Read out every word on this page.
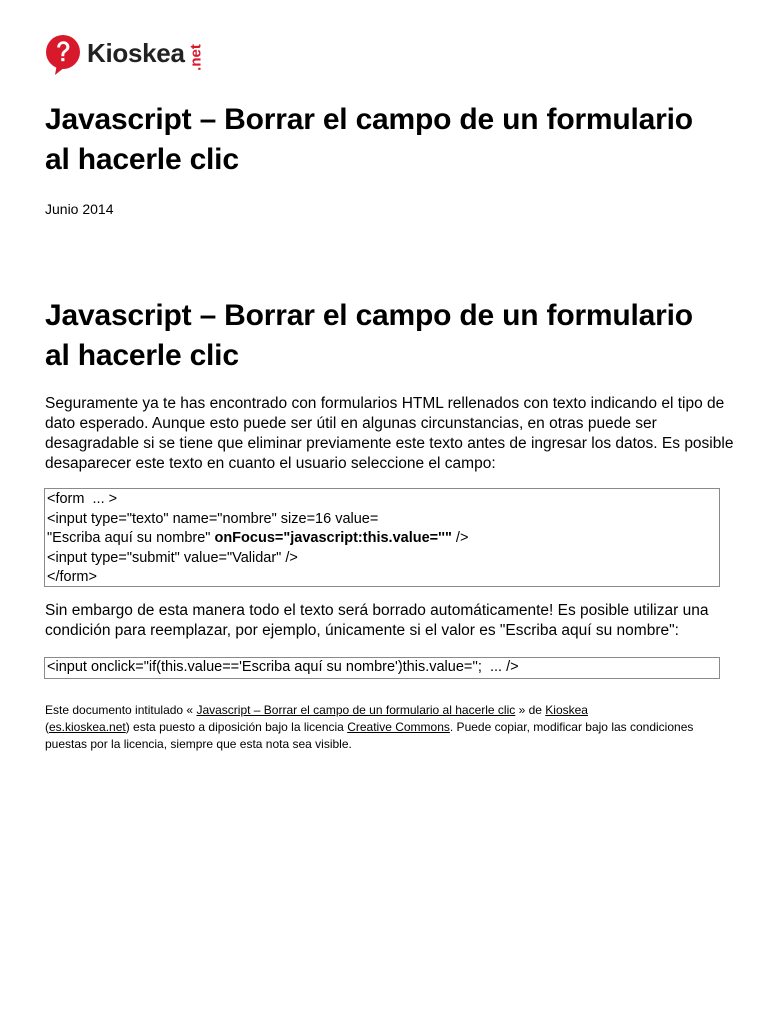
Kioskea .net
Javascript – Borrar el campo de un formulario al hacerle clic
Junio 2014
Javascript – Borrar el campo de un formulario al hacerle clic

Seguramente ya te has encontrado con formularios HTML rellenados con texto indicando el tipo de dato esperado. Aunque esto puede ser útil en algunas circunstancias, en otras puede ser desagradable si se tiene que eliminar previamente este texto antes de ingresar los datos. Es posible desaparecer este texto en cuanto el usuario seleccione el campo:

<form  ... >
<input type="texto" name="nombre" size=16 value=
"Escriba aquí su nombre" onFocus="javascript:this.value=''" />
<input type="submit" value="Validar" />
</form>

Sin embargo de esta manera todo el texto será borrado automáticamente! Es posible utilizar una condición para reemplazar, por ejemplo, únicamente si el valor es "Escriba aquí su nombre":

<input onclick="if(this.value=='Escriba aquí su nombre')this.value='';  ... />
Este documento intitulado « Javascript – Borrar el campo de un formulario al hacerle clic » de Kioskea
(es.kioskea.net) esta puesto a diposición bajo la licencia Creative Commons. Puede copiar, modificar bajo las condiciones puestas por la licencia, siempre que esta nota sea visible.
